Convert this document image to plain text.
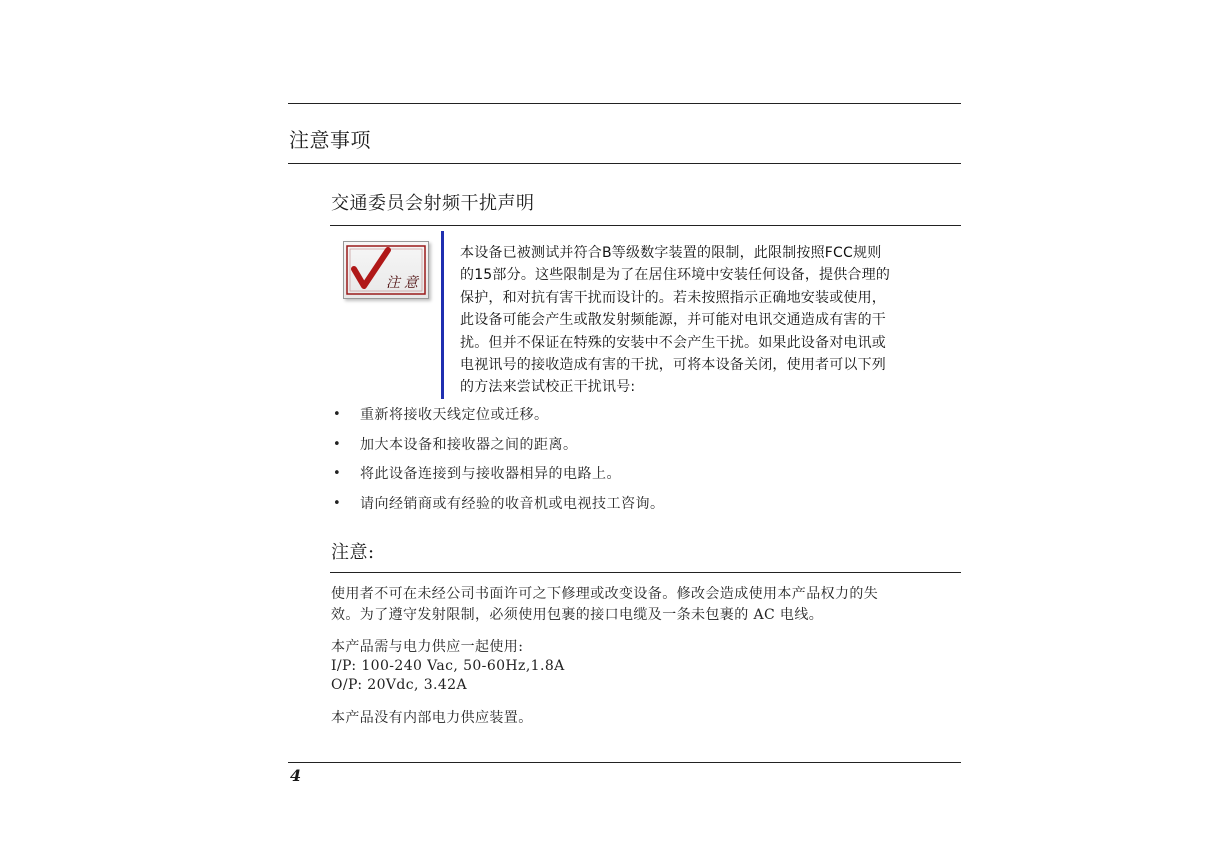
注意事项
交通委员会射频干扰声明
注意
本设备已被测试并符合B等级数字装置的限制，此限制按照FCC规则
的15部分。这些限制是为了在居住环境中安装任何设备，提供合理的
保护，和对抗有害干扰而设计的。若未按照指示正确地安装或使用，
此设备可能会产生或散发射频能源，并可能对电讯交通造成有害的干
扰。但并不保证在特殊的安装中不会产生干扰。如果此设备对电讯或
电视讯号的接收造成有害的干扰，可将本设备关闭，使用者可以下列
的方法来尝试校正干扰讯号:
• 重新将接收天线定位或迁移。
• 加大本设备和接收器之间的距离。
• 将此设备连接到与接收器相异的电路上。
• 请向经销商或有经验的收音机或电视技工咨询。
注意:
使用者不可在未经公司书面许可之下修理或改变设备。修改会造成使用本产品权力的失
效。为了遵守发射限制，必须使用包裹的接口电缆及一条未包裹的 AC 电线。
本产品需与电力供应一起使用:
I/P: 100-240 Vac, 50-60Hz,1.8A
O/P: 20Vdc, 3.42A
本产品没有内部电力供应装置。
4
